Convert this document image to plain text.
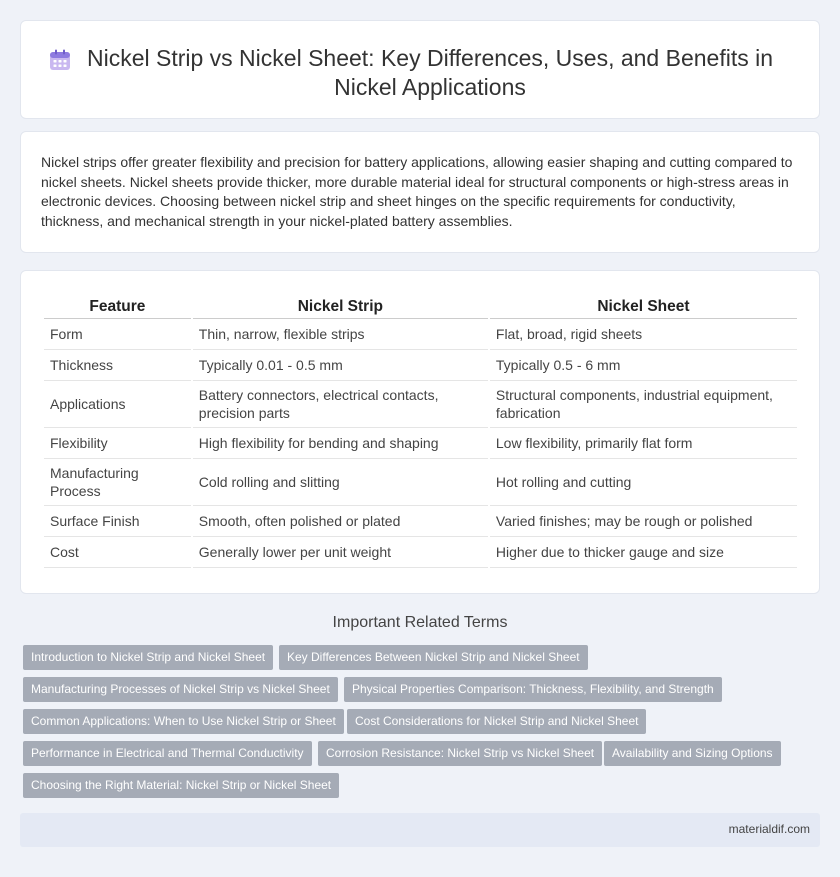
Nickel Strip vs Nickel Sheet: Key Differences, Uses, and Benefits in Nickel Applications

Nickel strips offer greater flexibility and precision for battery applications, allowing easier shaping and cutting compared to nickel sheets. Nickel sheets provide thicker, more durable material ideal for structural components or high-stress areas in electronic devices. Choosing between nickel strip and sheet hinges on the specific requirements for conductivity, thickness, and mechanical strength in your nickel-plated battery assemblies.

Feature	Nickel Strip	Nickel Sheet
Form	Thin, narrow, flexible strips	Flat, broad, rigid sheets
Thickness	Typically 0.01 - 0.5 mm	Typically 0.5 - 6 mm
Applications	Battery connectors, electrical contacts, precision parts	Structural components, industrial equipment, fabrication
Flexibility	High flexibility for bending and shaping	Low flexibility, primarily flat form
Manufacturing Process	Cold rolling and slitting	Hot rolling and cutting
Surface Finish	Smooth, often polished or plated	Varied finishes; may be rough or polished
Cost	Generally lower per unit weight	Higher due to thicker gauge and size
Important Related Terms
Introduction to Nickel Strip and Nickel Sheet	Key Differences Between Nickel Strip and Nickel Sheet
Manufacturing Processes of Nickel Strip vs Nickel Sheet	Physical Properties Comparison: Thickness, Flexibility, and Strength
Common Applications: When to Use Nickel Strip or Sheet	Cost Considerations for Nickel Strip and Nickel Sheet
Performance in Electrical and Thermal Conductivity	Corrosion Resistance: Nickel Strip vs Nickel Sheet	Availability and Sizing Options
Choosing the Right Material: Nickel Strip or Nickel Sheet
materialdif.com
